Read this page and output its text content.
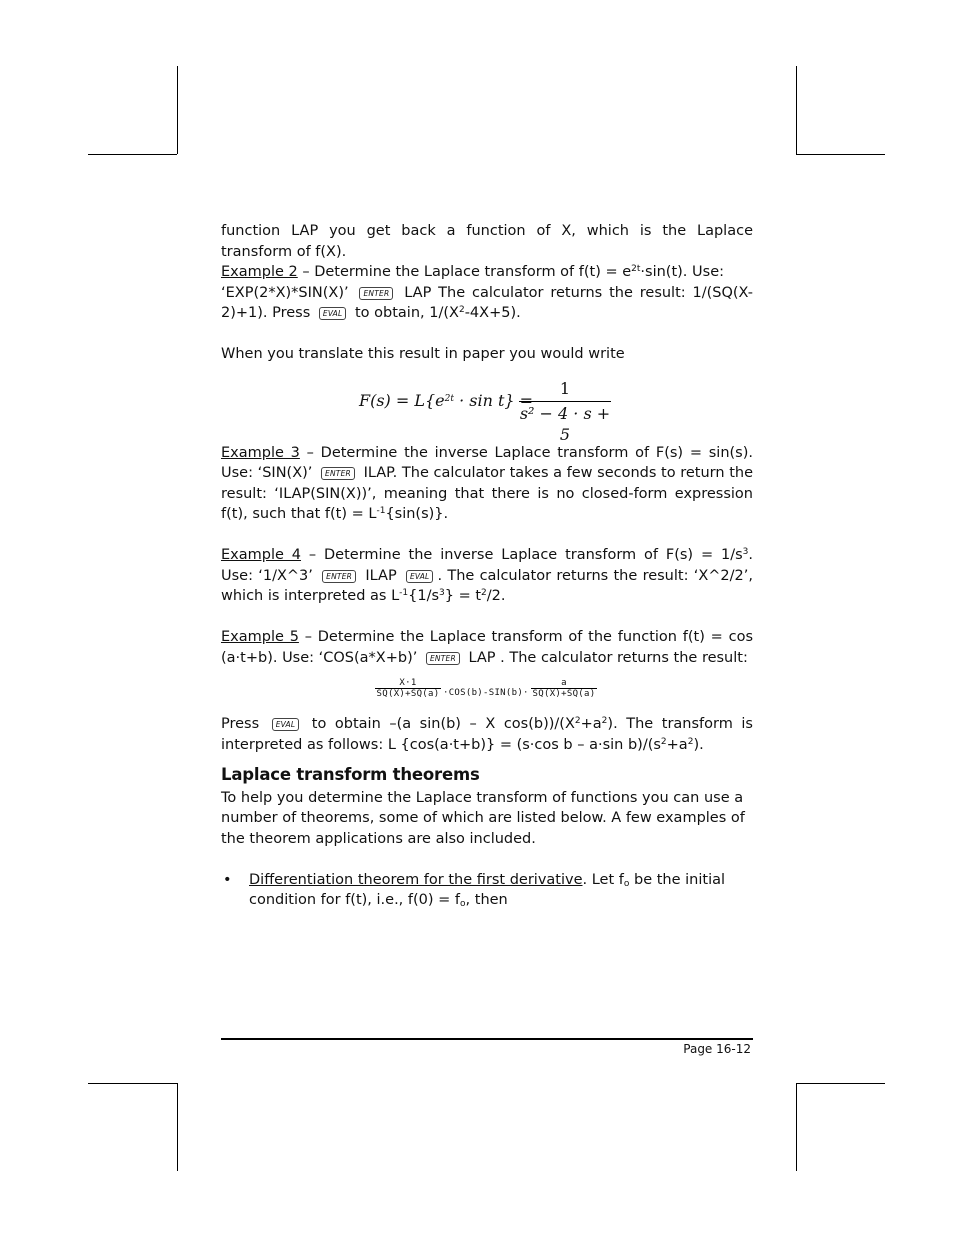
function LAP you get back a function of X, which is the Laplace transform of f(X).

Example 2 – Determine the Laplace transform of $f(t) = e^{2t}\cdot\sin(t)$. Use:
‘EXP(2*X)*SIN(X)’ ENTER LAP The calculator returns the result: 1/(SQ(X-2)+1). Press EVAL to obtain, $1/(X^2-4X+5)$.

When you translate this result in paper you would write

$F(s) = L\{e^{2t} \cdot \sin t\}$ =
$\frac{1}{\text{s² − 4 · s + 5}}$

Example 3 – Determine the inverse Laplace transform of F(s) = sin(s). Use: ‘SIN(X)’ ENTER ILAP. The calculator takes a few seconds to return the result: ‘ILAP(SIN(X))’, meaning that there is no closed-form expression f(t), such that $f(t) = L^{-1}\{\sin(s)\}$.

Example 4 – Determine the inverse Laplace transform of $F(s) = 1/s^3$. Use: ‘1/X^3’ ENTER ILAP EVAL . The calculator returns the result: ‘X^2/2’, which is interpreted as $L^{-1}\{1/s^3\} = t^2/2$.

Example 5 – Determine the Laplace transform of the function f(t) = cos (a·t+b). Use: ‘COS(a*X+b)’ ENTER LAP . The calculator returns the result:

X·1
SQ(X)+SQ(a) ·COS(b)-SIN(b)·
a
SQ(X)+SQ(a)

Press EVAL to obtain –(a sin(b) – X $\cos(b))/(X^2+a^2)$. The transform is interpreted as follows: L {cos(a·t+b)} = (s·cos b – a·sin $b)/(s^2+a^2)$.

Laplace transform theorems

To help you determine the Laplace transform of functions you can use a number of theorems, some of which are listed below. A few examples of the theorem applications are also included.

• Differentiation theorem for the first derivative. Let $f_o$ be the initial condition for f(t), i.e., $f(0) = f_o$, then

Page 16-12
